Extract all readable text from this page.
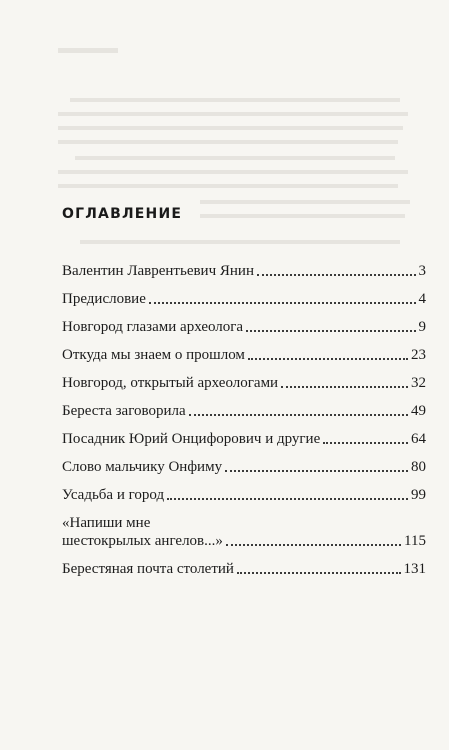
ОГЛАВЛЕНИЕ
Валентин Лаврентьевич Янин	3
Предисловие	4
Новгород глазами археолога	9
Откуда мы знаем о прошлом	23
Новгород, открытый археологами	32
Береста заговорила	49
Посадник Юрий Онцифорович и другие	64
Слово мальчику Онфиму	80
Усадьба и город	99
«Напиши мне
шестокрылых ангелов...»	115
Берестяная почта столетий	131
